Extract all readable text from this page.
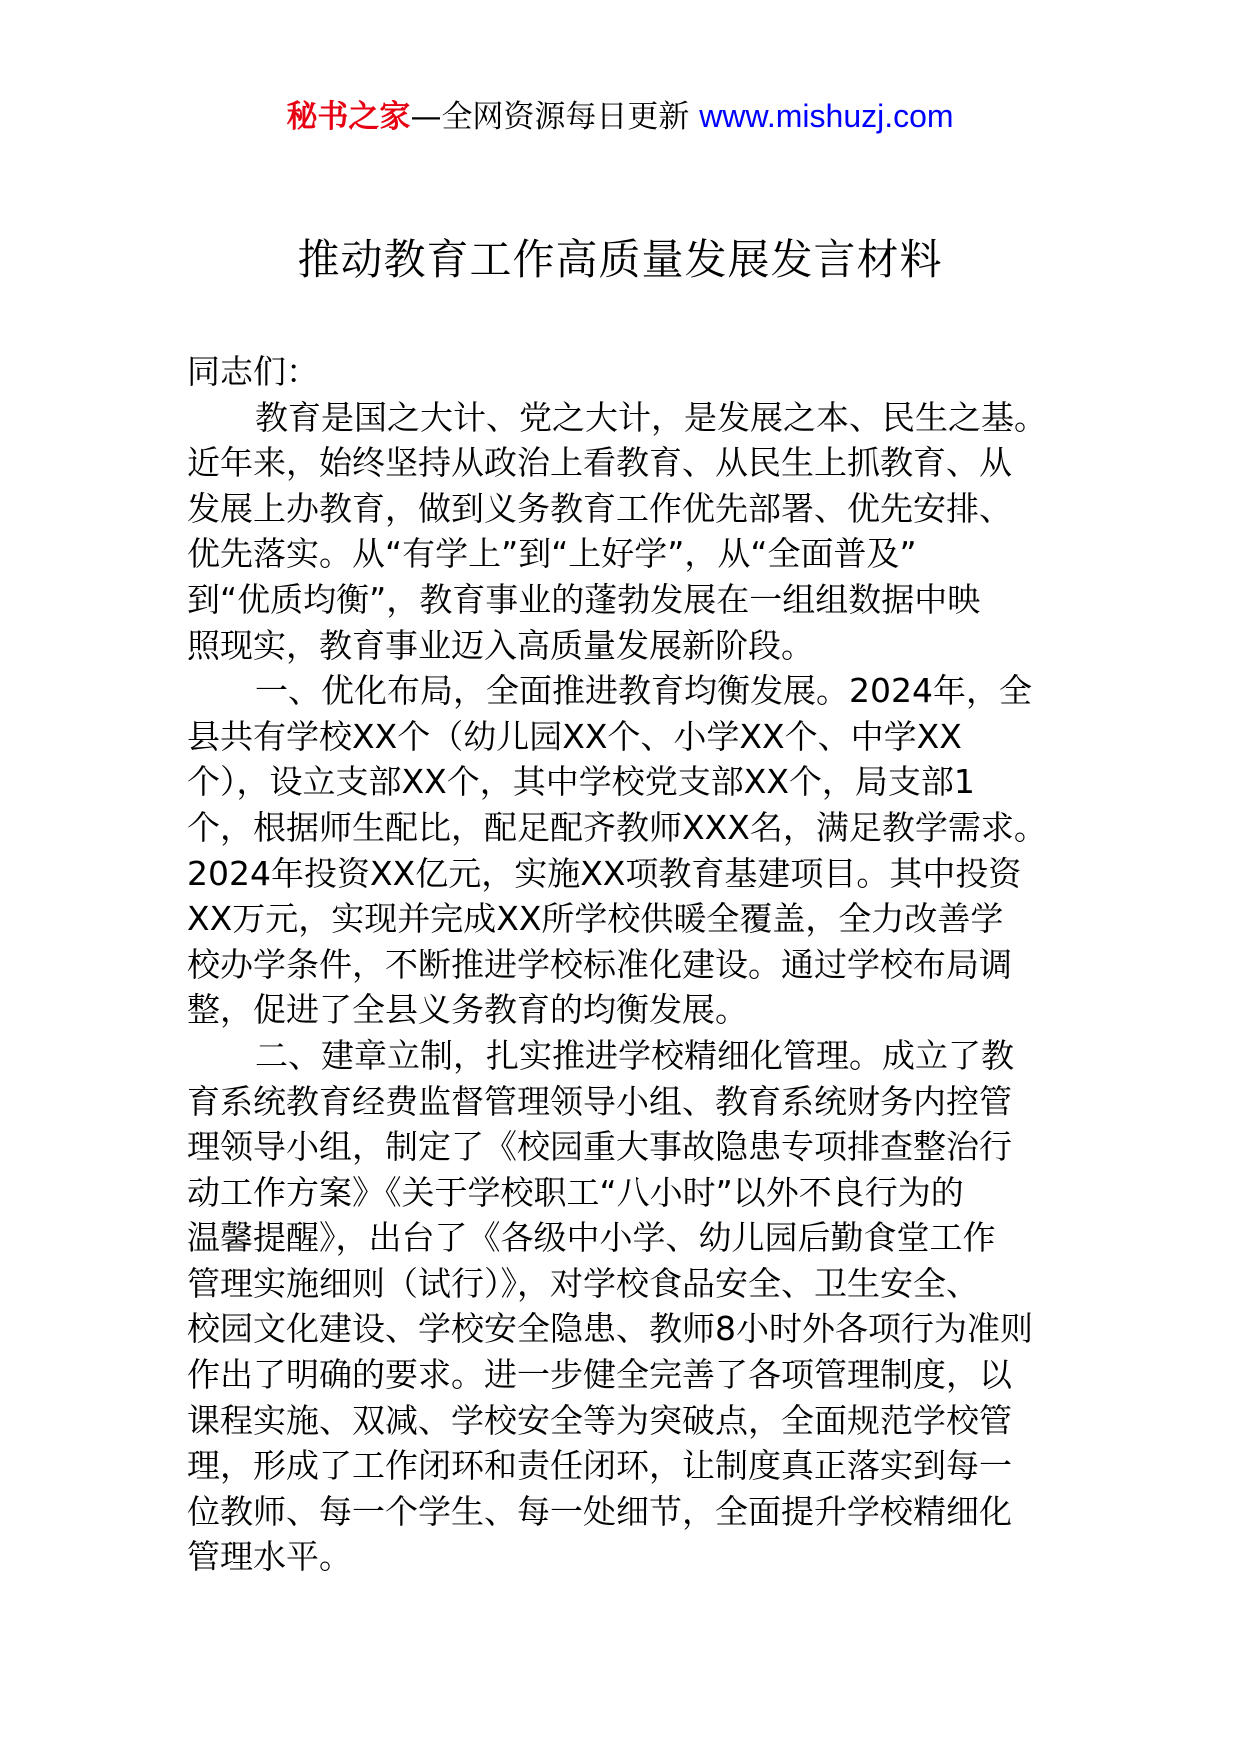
秘书之家—全网资源每日更新 www.mishuzj.com
推动教育工作高质量发展发言材料
同志们：
教育是国之大计、党之大计，是发展之本、民生之基。
近年来，始终坚持从政治上看教育、从民生上抓教育、从
发展上办教育，做到义务教育工作优先部署、优先安排、
优先落实。从“有学上”到“上好学”，从“全面普及”
到“优质均衡”，教育事业的蓬勃发展在一组组数据中映
照现实，教育事业迈入高质量发展新阶段。
一、优化布局，全面推进教育均衡发展。2024年，全
县共有学校XX个（幼儿园XX个、小学XX个、中学XX
个），设立支部XX个，其中学校党支部XX个，局支部1
个，根据师生配比，配足配齐教师XXX名，满足教学需求。
2024年投资XX亿元，实施XX项教育基建项目。其中投资
XX万元，实现并完成XX所学校供暖全覆盖，全力改善学
校办学条件，不断推进学校标准化建设。通过学校布局调
整，促进了全县义务教育的均衡发展。
二、建章立制，扎实推进学校精细化管理。成立了教
育系统教育经费监督管理领导小组、教育系统财务内控管
理领导小组，制定了《校园重大事故隐患专项排查整治行
动工作方案》《关于学校职工“八小时”以外不良行为的
温馨提醒》，出台了《各级中小学、幼儿园后勤食堂工作
管理实施细则（试行）》，对学校食品安全、卫生安全、
校园文化建设、学校安全隐患、教师8小时外各项行为准则
作出了明确的要求。进一步健全完善了各项管理制度，以
课程实施、双减、学校安全等为突破点，全面规范学校管
理，形成了工作闭环和责任闭环，让制度真正落实到每一
位教师、每一个学生、每一处细节，全面提升学校精细化
管理水平。
